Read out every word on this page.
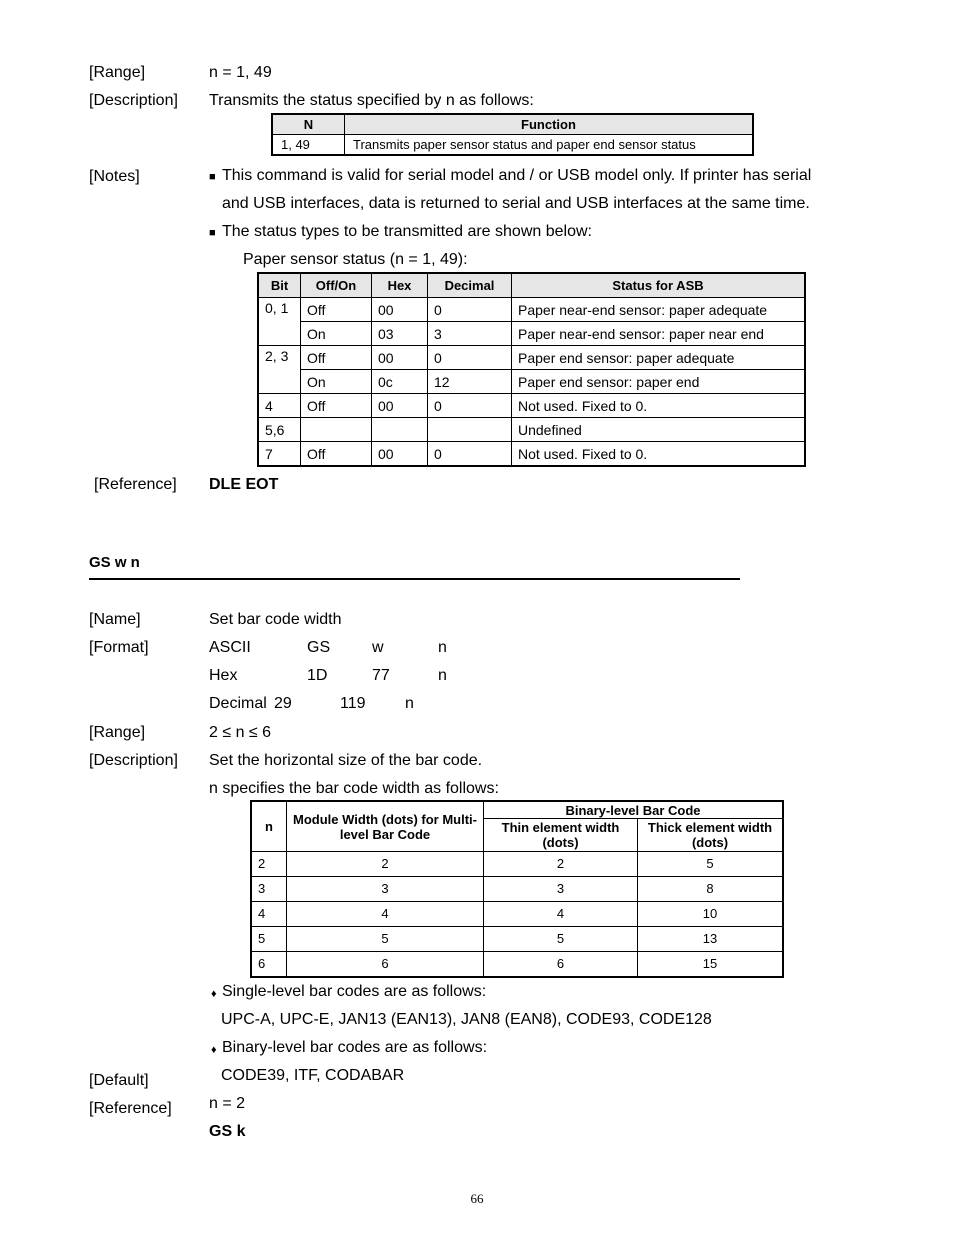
[Range]	n = 1, 49
[Description] Transmits the status specified by n as follows:
N	Function
1, 49	Transmits paper sensor status and paper end sensor status
[Notes]	■ This command is valid for serial model and / or USB model only. If printer has serial
and USB interfaces, data is returned to serial and USB interfaces at the same time.
■ The status types to be transmitted are shown below:
Paper sensor status (n = 1, 49):
Bit	Off/On	Hex	Decimal	Status for ASB
0, 1	Off	00	0	Paper near-end sensor: paper adequate
	On	03	3	Paper near-end sensor: paper near end
2, 3	Off	00	0	Paper end sensor: paper adequate
	On	0c	12	Paper end sensor: paper end
4	Off	00	0	Not used. Fixed to 0.
5,6				Undefined
7	Off	00	0	Not used. Fixed to 0.
[Reference] DLE EOT
GS w n
[Name]	Set bar code width
[Format]	ASCII	GS	w	n
Hex	1D	77	n
Decimal 29	119 n
[Range]	2 ≤ n ≤ 6
[Description] Set the horizontal size of the bar code.
n specifies the bar code width as follows:
n	Module Width (dots) for Multi-level Bar Code	Binary-level Bar Code	
		Thin element width (dots)	Thick element width (dots)
2	2	2	5
3	3	3	8
4	4	4	10
5	5	5	13
6	6	6	15
♦ Single-level bar codes are as follows:
UPC-A, UPC-E, JAN13 (EAN13), JAN8 (EAN8), CODE93, CODE128
♦ Binary-level bar codes are as follows:
[Default]	CODE39, ITF, CODABAR
[Reference] n = 2
GS k
66
